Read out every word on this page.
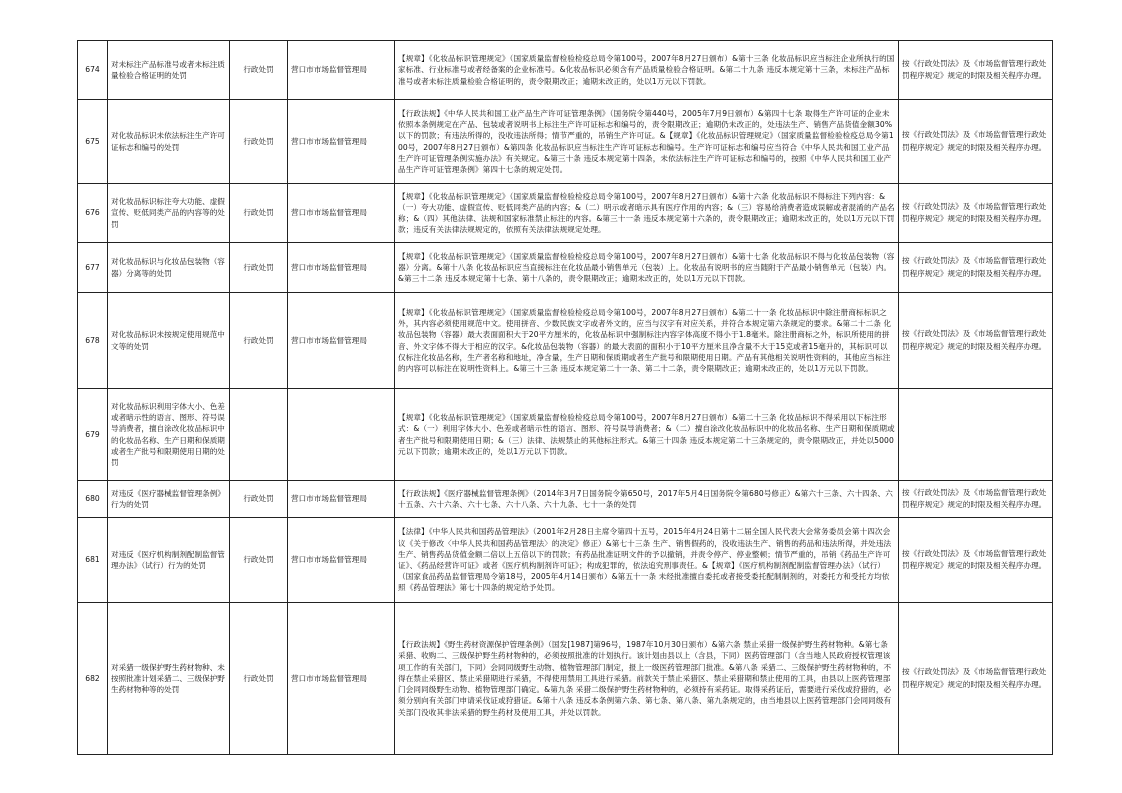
674	对未标注产品标准号或者未标注质量检验合格证明的处罚	行政处罚	营口市市场监督管理局	【规章】《化妆品标识管理规定》（国家质量监督检验检疫总局令第100号，2007年8月27日颁布）&第十三条 化妆品标识应当标注企业所执行的国家标准、行业标准号或者经备案的企业标准号。&化妆品标识必须含有产品质量检验合格证明。&第二十九条 违反本规定第十三条，未标注产品标准号或者未标注质量检验合格证明的，责令限期改正；逾期未改正的，处以1万元以下罚款。	按《行政处罚法》及《市场监督管理行政处罚程序规定》规定的时限及相关程序办理。
675	对化妆品标识未依法标注生产许可证标志和编号的处罚	行政处罚	营口市市场监督管理局	【行政法规】《中华人民共和国工业产品生产许可证管理条例》（国务院令第440号，2005年7月9日颁布）&第四十七条 取得生产许可证的企业未依照本条例规定在产品、包装或者说明书上标注生产许可证标志和编号的，责令限期改正；逾期仍未改正的，处违法生产、销售产品货值金额30%以下的罚款；有违法所得的，没收违法所得；情节严重的，吊销生产许可证。&【规章】《化妆品标识管理规定》（国家质量监督检验检疫总局令第100号，2007年8月27日颁布）&第四条 化妆品标识应当标注生产许可证标志和编号。生产许可证标志和编号应当符合《中华人民共和国工业产品生产许可证管理条例实施办法》有关规定。&第三十条 违反本规定第十四条，未依法标注生产许可证标志和编号的，按照《中华人民共和国工业产品生产许可证管理条例》第四十七条的规定处罚。	按《行政处罚法》及《市场监督管理行政处罚程序规定》规定的时限及相关程序办理。
676	对化妆品标识标注夸大功能、虚假宣传、贬低同类产品的内容等的处罚	行政处罚	营口市市场监督管理局	【规章】《化妆品标识管理规定》（国家质量监督检验检疫总局令第100号，2007年8月27日颁布）&第十六条 化妆品标识不得标注下列内容：&（一）夸大功能、虚假宣传、贬低同类产品的内容；&（二）明示或者暗示具有医疗作用的内容；&（三）容易给消费者造成误解或者混淆的产品名称；&（四）其他法律、法规和国家标准禁止标注的内容。&第三十一条 违反本规定第十六条的，责令限期改正；逾期未改正的，处以1万元以下罚款；违反有关法律法规规定的，依照有关法律法规规定处理。	按《行政处罚法》及《市场监督管理行政处罚程序规定》规定的时限及相关程序办理。
677	对化妆品标识与化妆品包装物（容器）分离等的处罚	行政处罚	营口市市场监督管理局	【规章】《化妆品标识管理规定》（国家质量监督检验检疫总局令第100号，2007年8月27日颁布）&第十七条 化妆品标识不得与化妆品包装物（容器）分离。&第十八条 化妆品标识应当直接标注在化妆品最小销售单元（包装）上。化妆品有说明书的应当随附于产品最小销售单元（包装）内。&第三十二条 违反本规定第十七条、第十八条的，责令限期改正；逾期未改正的，处以1万元以下罚款。	按《行政处罚法》及《市场监督管理行政处罚程序规定》规定的时限及相关程序办理。
678	对化妆品标识未按规定使用规范中文等的处罚	行政处罚	营口市市场监督管理局	【规章】《化妆品标识管理规定》（国家质量监督检验检疫总局令第100号，2007年8月27日颁布）&第二十一条 化妆品标识中除注册商标标识之外，其内容必须使用规范中文。使用拼音、少数民族文字或者外文的，应当与汉字有对应关系，并符合本规定第六条规定的要求。&第二十二条 化妆品包装物（容器）最大表面面积大于20平方厘米的，化妆品标识中强制标注内容字体高度不得小于1.8毫米。除注册商标之外，标识所使用的拼音、外文字体不得大于相应的汉字。&化妆品包装物（容器）的最大表面的面积小于10平方厘米且净含量不大于15克或者15毫升的，其标识可以仅标注化妆品名称，生产者名称和地址，净含量，生产日期和保质期或者生产批号和限期使用日期。产品有其他相关说明性资料的，其他应当标注的内容可以标注在说明性资料上。&第三十三条 违反本规定第二十一条、第二十二条，责令限期改正；逾期未改正的，处以1万元以下罚款。	按《行政处罚法》及《市场监督管理行政处罚程序规定》规定的时限及相关程序办理。
679	对化妆品标识利用字体大小、色差或者暗示性的语言、图形、符号误导消费者，擅自涂改化妆品标识中的化妆品名称、生产日期和保质期或者生产批号和限期使用日期的处罚			【规章】《化妆品标识管理规定》（国家质量监督检验检疫总局令第100号，2007年8月27日颁布）&第二十三条 化妆品标识不得采用以下标注形式：&（一）利用字体大小、色差或者暗示性的语言、图形、符号误导消费者；&（二）擅自涂改化妆品标识中的化妆品名称、生产日期和保质期或者生产批号和限期使用日期；&（三）法律、法规禁止的其他标注形式。&第三十四条 违反本规定第二十三条规定的，责令限期改正，并处以5000元以下罚款；逾期未改正的，处以1万元以下罚款。	
680	对违反《医疗器械监督管理条例》行为的处罚	行政处罚	营口市市场监督管理局	【行政法规】《医疗器械监督管理条例》（2014年3月7日国务院令第650号，2017年5月4日国务院令第680号修正）&第六十三条、六十四条、六十五条、六十六条、六十七条、六十八条、六十九条、七十一条的处罚	按《行政处罚法》及《市场监督管理行政处罚程序规定》规定的时限及相关程序办理。
681	对违反《医疗机构制剂配制监督管理办法》（试行）行为的处罚	行政处罚	营口市市场监督管理局	【法律】《中华人民共和国药品管理法》（2001年2月28日主席令第四十五号，2015年4月24日第十二届全国人民代表大会常务委员会第十四次会议《关于修改〈中华人民共和国药品管理法〉的决定》修正）&第七十三条 生产、销售假药的，没收违法生产、销售的药品和违法所得，并处违法生产、销售药品货值金额二倍以上五倍以下的罚款；有药品批准证明文件的予以撤销，并责令停产、停业整顿；情节严重的，吊销《药品生产许可证》、《药品经营许可证》或者《医疗机构制剂许可证》；构成犯罪的，依法追究刑事责任。&【规章】《医疗机构制剂配制监督管理办法》（试行）（国家食品药品监督管理局令第18号，2005年4月14日颁布）&第五十一条 未经批准擅自委托或者接受委托配制制剂的，对委托方和受托方均依照《药品管理法》第七十四条的规定给予处罚。	按《行政处罚法》及《市场监督管理行政处罚程序规定》规定的时限及相关程序办理。
682	对采猎一级保护野生药材物种、未按照批准计划采猎二、三级保护野生药材物种等的处罚	行政处罚	营口市市场监督管理局	【行政法规】《野生药材资源保护管理条例》（国发[1987]第96号，1987年10月30日颁布）&第六条 禁止采猎一级保护野生药材物种。&第七条 采猎、收购二、三级保护野生药材物种的，必须按照批准的计划执行。该计划由县以上（含县，下同）医药管理部门（含当地人民政府授权管理该项工作的有关部门，下同）会同同级野生动物、植物管理部门制定，报上一级医药管理部门批准。&第八条 采猎二、三级保护野生药材物种的，不得在禁止采猎区、禁止采猎期进行采猎，不得使用禁用工具进行采猎。前款关于禁止采猎区、禁止采猎期和禁止使用的工具，由县以上医药管理部门会同同级野生动物、植物管理部门确定。&第九条 采猎二级保护野生药材物种的，必须持有采药证。取得采药证后，需要进行采伐或狩猎的，必须分别向有关部门申请采伐证或狩猎证。&第十八条 违反本条例第六条、第七条、第八条、第九条规定的，由当地县以上医药管理部门会同同级有关部门没收其非法采猎的野生药材及使用工具，并处以罚款。	按《行政处罚法》及《市场监督管理行政处罚程序规定》规定的时限及相关程序办理。
